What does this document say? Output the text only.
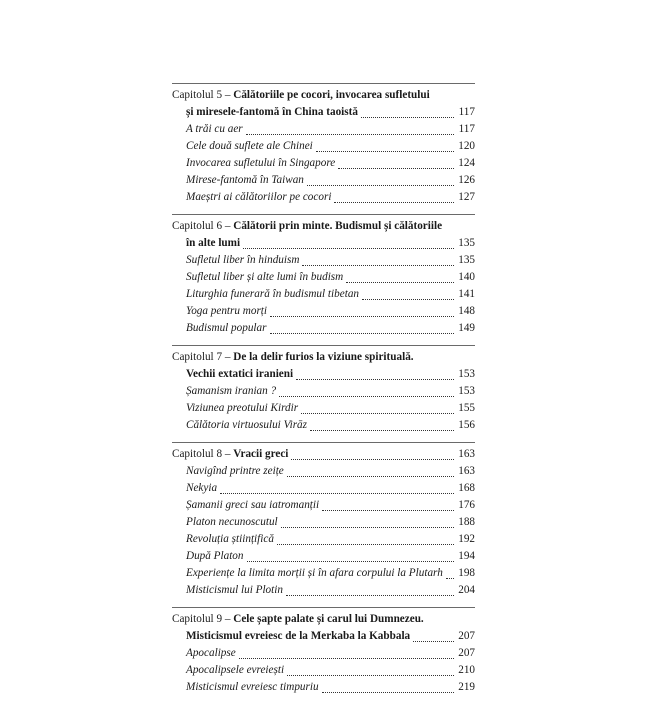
Capitolul 5 – Călătoriile pe cocori, invocarea sufletului
și miresele-fantomă în China taoistă	117
A trăi cu aer	117
Cele două suflete ale Chinei	120
Invocarea sufletului în Singapore	124
Mirese-fantomă în Taiwan	126
Maeștri ai călătoriilor pe cocori	127
Capitolul 6 – Călătorii prin minte. Budismul și călătoriile
în alte lumi	135
Sufletul liber în hinduism	135
Sufletul liber și alte lumi în budism	140
Liturghia funerară în budismul tibetan	141
Yoga pentru morți	148
Budismul popular	149
Capitolul 7 – De la delir furios la viziune spirituală.
Vechii extatici iranieni	153
Șamanism iranian ?	153
Viziunea preotului Kirdir	155
Călătoria virtuosului Virāz	156
Capitolul 8 – Vracii greci	163
Navigînd printre zeițe	163
Nekyia	168
Șamanii greci sau iatromanții	176
Platon necunoscutul	188
Revoluția științifică	192
După Platon	194
Experiențe la limita morții și în afara corpului la Plutarh 198
Misticismul lui Plotin	204
Capitolul 9 – Cele șapte palate și carul lui Dumnezeu.
Misticismul evreiesc de la Merkaba la Kabbala	207
Apocalipse	207
Apocalipsele evreiești	210
Misticismul evreiesc timpuriu	219
